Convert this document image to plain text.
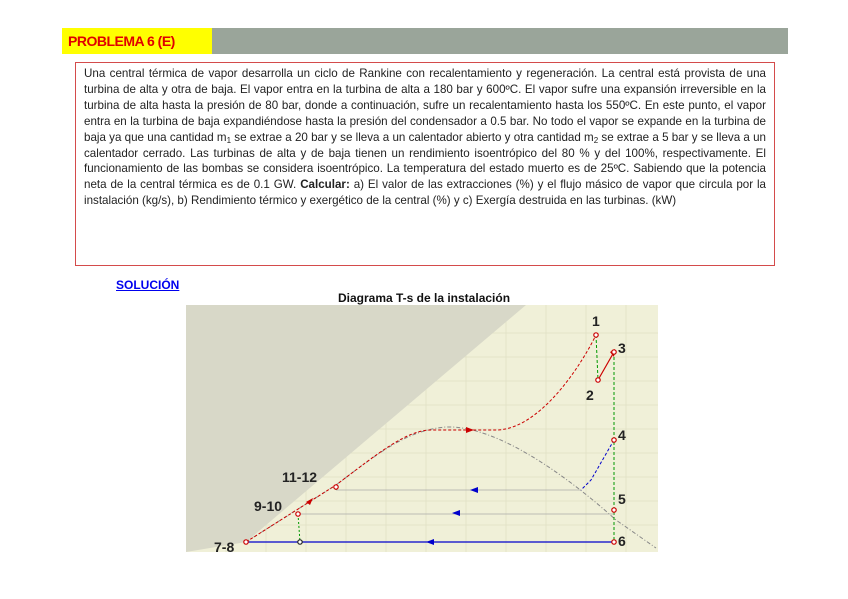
PROBLEMA 6 (E)

Una central térmica de vapor desarrolla un ciclo de Rankine con recalentamiento y regeneración. La central está provista de una turbina de alta y otra de baja. El vapor entra en la turbina de alta a 180 bar y 600ºC. El vapor sufre una expansión irreversible en la turbina de alta hasta la presión de 80 bar, donde a continuación, sufre un recalentamiento hasta los 550ºC. En este punto, el vapor entra en la turbina de baja expandiéndose hasta la presión del condensador a 0.5 bar. No todo el vapor se expande en la turbina de baja ya que una cantidad $m_1$ se extrae a 20 bar y se lleva a un calentador abierto y otra cantidad $m_2$ se extrae a 5 bar y se lleva a un calentador cerrado. Las turbinas de alta y de baja tienen un rendimiento isoentrópico del 80 % y del 100%, respectivamente. El funcionamiento de las bombas se considera isoentrópico. La temperatura del estado muerto es de 25ºC. Sabiendo que la potencia neta de la central térmica es de 0.1 GW. Calcular: a) El valor de las extracciones (%) y el flujo másico de vapor que circula por la instalación (kg/s), b) Rendimiento térmico y exergético de la central (%) y c) Exergía destruida en las turbinas. (kW)

SOLUCIÓN
Diagrama T-s de la instalación
1
2
3
4
5
6
7-8
9-10
11-12
